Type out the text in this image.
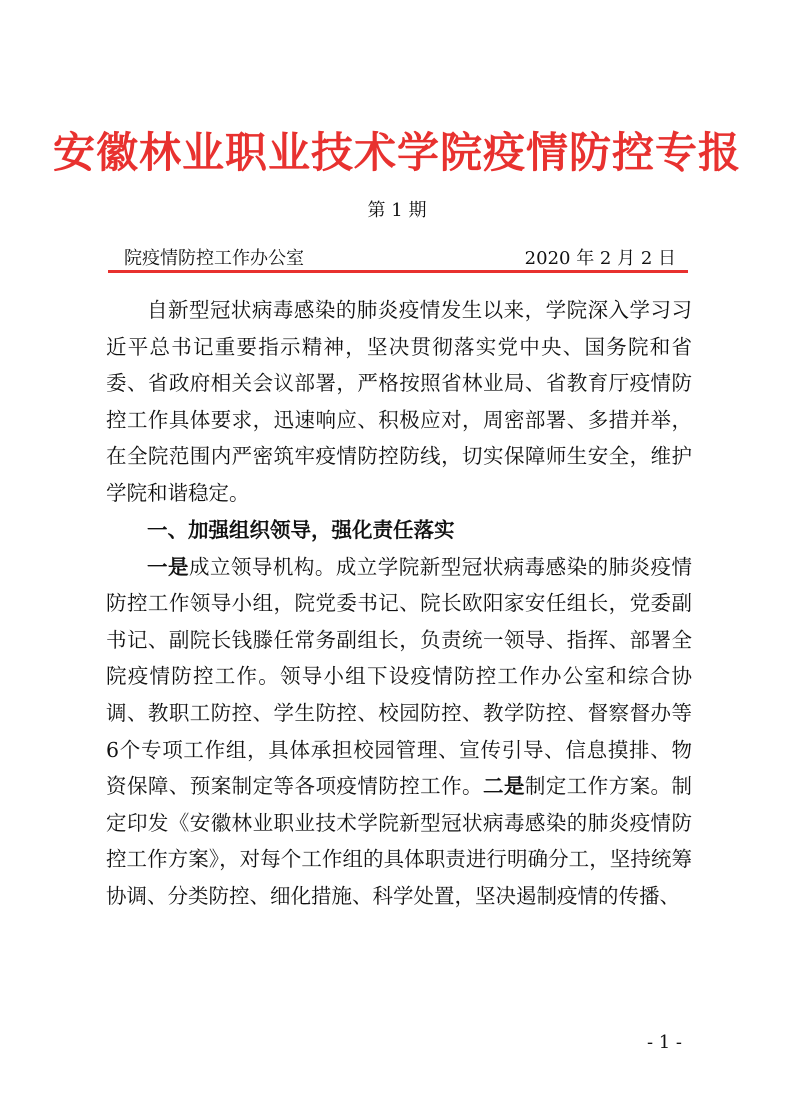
安徽林业职业技术学院疫情防控专报
第 1 期
院疫情防控工作办公室	2020 年 2 月 2 日

自新型冠状病毒感染的肺炎疫情发生以来，学院深入学习习近平总书记重要指示精神，坚决贯彻落实党中央、国务院和省委、省政府相关会议部署，严格按照省林业局、省教育厅疫情防控工作具体要求，迅速响应、积极应对，周密部署、多措并举，在全院范围内严密筑牢疫情防控防线，切实保障师生安全，维护学院和谐稳定。

一、加强组织领导，强化责任落实

一是成立领导机构。成立学院新型冠状病毒感染的肺炎疫情防控工作领导小组，院党委书记、院长欧阳家安任组长，党委副书记、副院长钱滕任常务副组长，负责统一领导、指挥、部署全院疫情防控工作。领导小组下设疫情防控工作办公室和综合协调、教职工防控、学生防控、校园防控、教学防控、督察督办等6个专项工作组，具体承担校园管理、宣传引导、信息摸排、物资保障、预案制定等各项疫情防控工作。二是制定工作方案。制定印发《安徽林业职业技术学院新型冠状病毒感染的肺炎疫情防控工作方案》，对每个工作组的具体职责进行明确分工，坚持统筹协调、分类防控、细化措施、科学处置，坚决遏制疫情的传播、

- 1 -
